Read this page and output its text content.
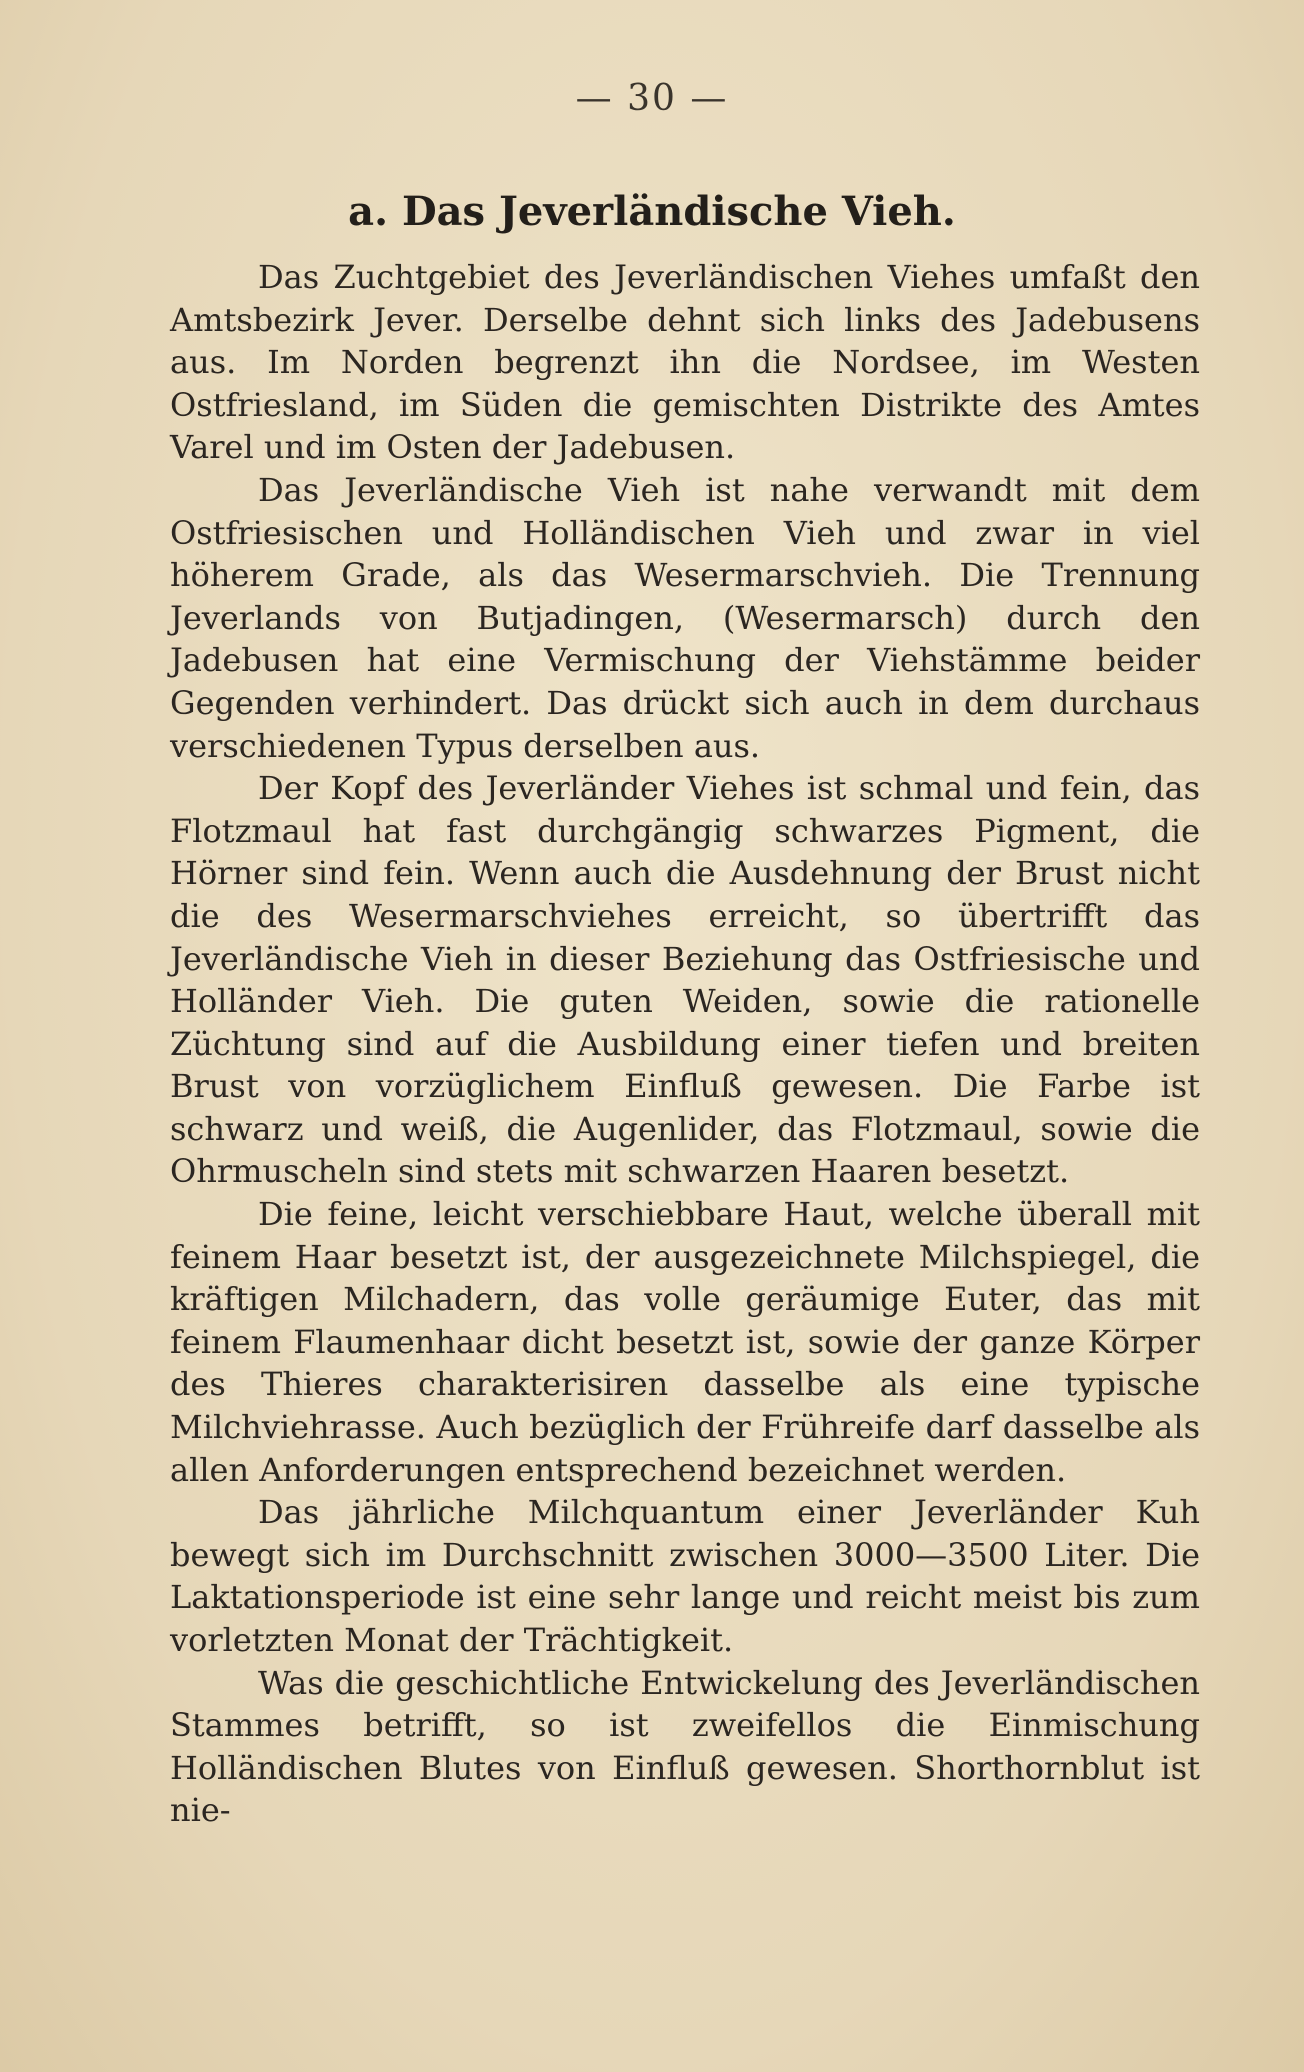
— 30 —
a. Das Jeverländische Vieh.

Das Zuchtgebiet des Jeverländischen Viehes umfaßt den Amtsbezirk Jever. Derselbe dehnt sich links des Jadebusens aus. Im Norden begrenzt ihn die Nordsee, im Westen Ostfriesland, im Süden die gemischten Distrikte des Amtes Varel und im Osten der Jadebusen.

Das Jeverländische Vieh ist nahe verwandt mit dem Ostfriesischen und Holländischen Vieh und zwar in viel höherem Grade, als das Wesermarschvieh. Die Trennung Jeverlands von Butjadingen, (Wesermarsch) durch den Jadebusen hat eine Vermischung der Viehstämme beider Gegenden verhindert. Das drückt sich auch in dem durchaus verschiedenen Typus derselben aus.

Der Kopf des Jeverländer Viehes ist schmal und fein, das Flotzmaul hat fast durchgängig schwarzes Pigment, die Hörner sind fein. Wenn auch die Ausdehnung der Brust nicht die des Wesermarschviehes erreicht, so übertrifft das Jeverländische Vieh in dieser Beziehung das Ostfriesische und Holländer Vieh. Die guten Weiden, sowie die rationelle Züchtung sind auf die Ausbildung einer tiefen und breiten Brust von vorzüglichem Einfluß gewesen. Die Farbe ist schwarz und weiß, die Augenlider, das Flotzmaul, sowie die Ohrmuscheln sind stets mit schwarzen Haaren besetzt.

Die feine, leicht verschiebbare Haut, welche überall mit feinem Haar besetzt ist, der ausgezeichnete Milchspiegel, die kräftigen Milchadern, das volle geräumige Euter, das mit feinem Flaumenhaar dicht besetzt ist, sowie der ganze Körper des Thieres charakterisiren dasselbe als eine typische Milchviehrasse. Auch bezüglich der Frühreife darf dasselbe als allen Anforderungen entsprechend bezeichnet werden.

Das jährliche Milchquantum einer Jeverländer Kuh bewegt sich im Durchschnitt zwischen 3000—3500 Liter. Die Laktationsperiode ist eine sehr lange und reicht meist bis zum vorletzten Monat der Trächtigkeit.

Was die geschichtliche Entwickelung des Jeverländischen Stammes betrifft, so ist zweifellos die Einmischung Holländischen Blutes von Einfluß gewesen. Shorthornblut ist nie-
